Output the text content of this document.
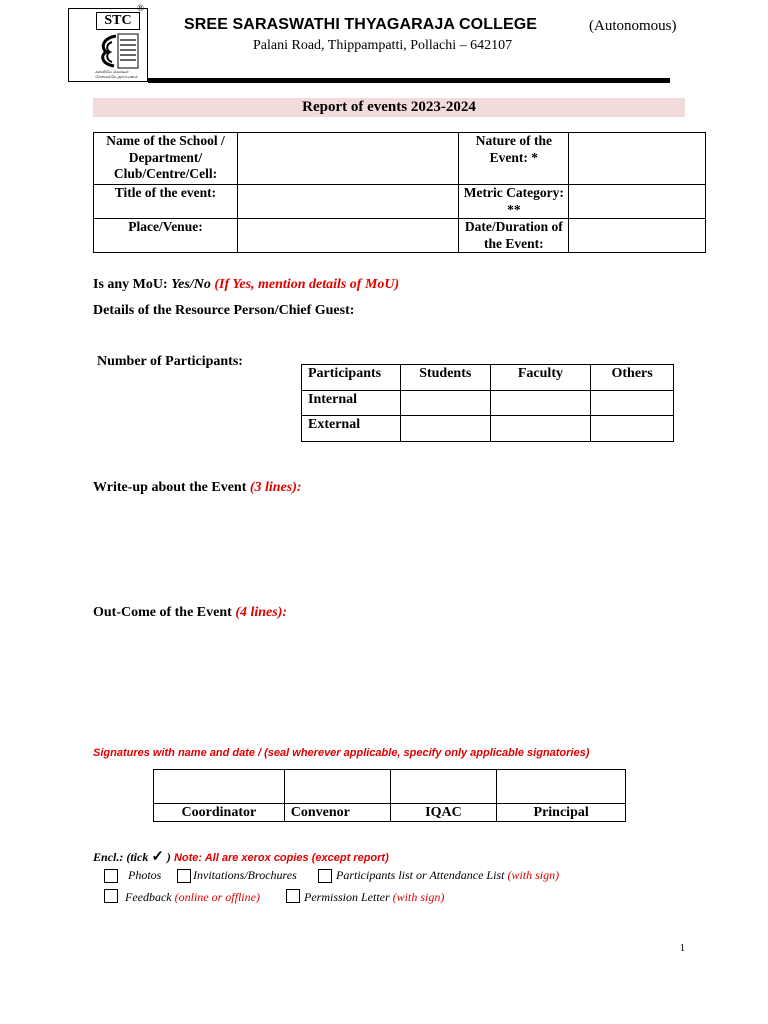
STC
கல்வியே செல்வம் சேவைக்கே அர்ப்பணம்
®
SREE SARASWATHI THYAGARAJA COLLEGE	(Autonomous)
Palani Road, Thippampatti, Pollachi – 642107
Report of events 2023-2024
Name of the School / Department/ Club/Centre/Cell:		Nature of the Event: *	
Title of the event:		Metric Category: **	
Place/Venue:		Date/Duration of the Event:	
Is any MoU: Yes/No (If Yes, mention details of MoU)
Details of the Resource Person/Chief Guest:
Number of Participants:
Participants	Students	Faculty	Others
Internal			
External			
Write-up about the Event (3 lines):
Out-Come of the Event (4 lines):
Signatures with name and date / (seal wherever applicable, specify only applicable signatories)

Coordinator	Convenor	IQAC	Principal
Encl.: (tick ✓ ) Note: All are xerox copies (except report)
Photos	Invitations/Brochures	Participants list or Attendance List (with sign)
Feedback (online or offline)	Permission Letter (with sign)
1
